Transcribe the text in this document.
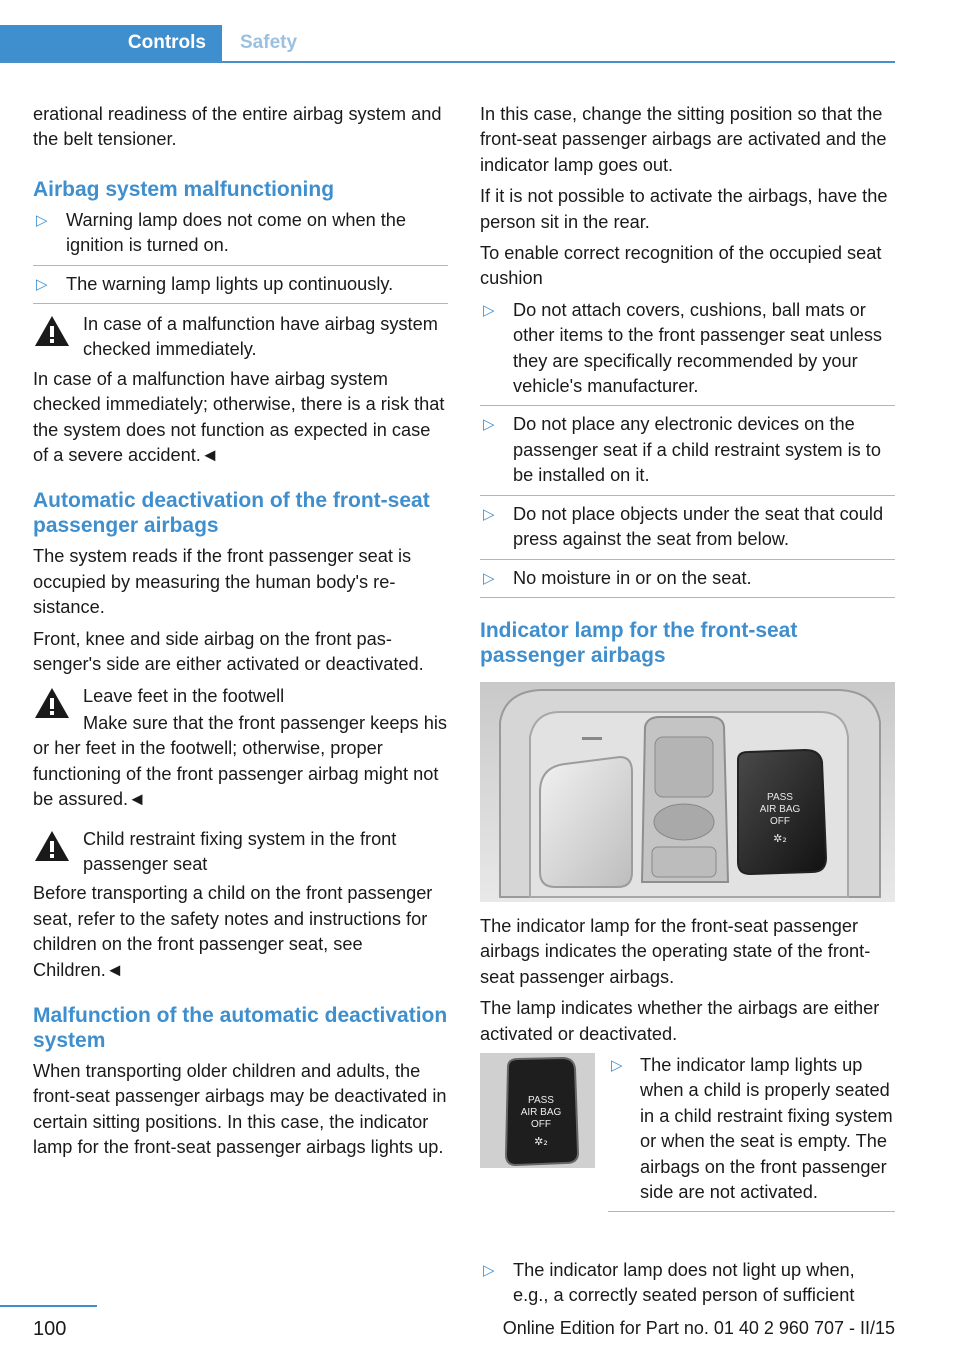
Controls	Safety

erational readiness of the entire airbag system and the belt tensioner.

Airbag system malfunctioning
▷ Warning lamp does not come on when the ignition is turned on.
▷ The warning lamp lights up continuously.
In case of a malfunction have airbag system checked immediately.

In case of a malfunction have airbag system checked immediately; otherwise, there is a risk that the system does not function as expected in case of a severe accident.◄

Automatic deactivation of the front-seat passenger airbags

The system reads if the front passenger seat is occupied by measuring the human body's resistance.

Front, knee and side airbag on the front passenger's side are either activated or deactivated.

Leave feet in the footwell

Make sure that the front passenger keeps his or her feet in the footwell; otherwise, proper functioning of the front passenger airbag might not be assured.◄

Child restraint fixing system in the front passenger seat

Before transporting a child on the front passenger seat, refer to the safety notes and instructions for children on the front passenger seat, see Children.◄

Malfunction of the automatic deactivation system

When transporting older children and adults, the front-seat passenger airbags may be deactivated in certain sitting positions. In this case, the indicator lamp for the front-seat passenger airbags lights up.

In this case, change the sitting position so that the front-seat passenger airbags are activated and the indicator lamp goes out.

If it is not possible to activate the airbags, have the person sit in the rear.

To enable correct recognition of the occupied seat cushion

▷ Do not attach covers, cushions, ball mats or other items to the front passenger seat unless they are specifically recommended by your vehicle's manufacturer.
▷ Do not place any electronic devices on the passenger seat if a child restraint system is to be installed on it.
▷ Do not place objects under the seat that could press against the seat from below.
▷ No moisture in or on the seat.
Indicator lamp for the front-seat passenger airbags
PASS
AIR BAG
OFF
✲₂

The indicator lamp for the front-seat passenger airbags indicates the operating state of the front-seat passenger airbags.

The lamp indicates whether the airbags are either activated or deactivated.

PASS
AIR BAG
OFF
✲₂
▷ The indicator lamp lights up when a child is properly seated in a child restraint fixing system or when the seat is empty. The airbags on the front passenger side are not activated.
▷ The indicator lamp does not light up when, e.g., a correctly seated person of sufficient
100	Online Edition for Part no. 01 40 2 960 707 - II/15
